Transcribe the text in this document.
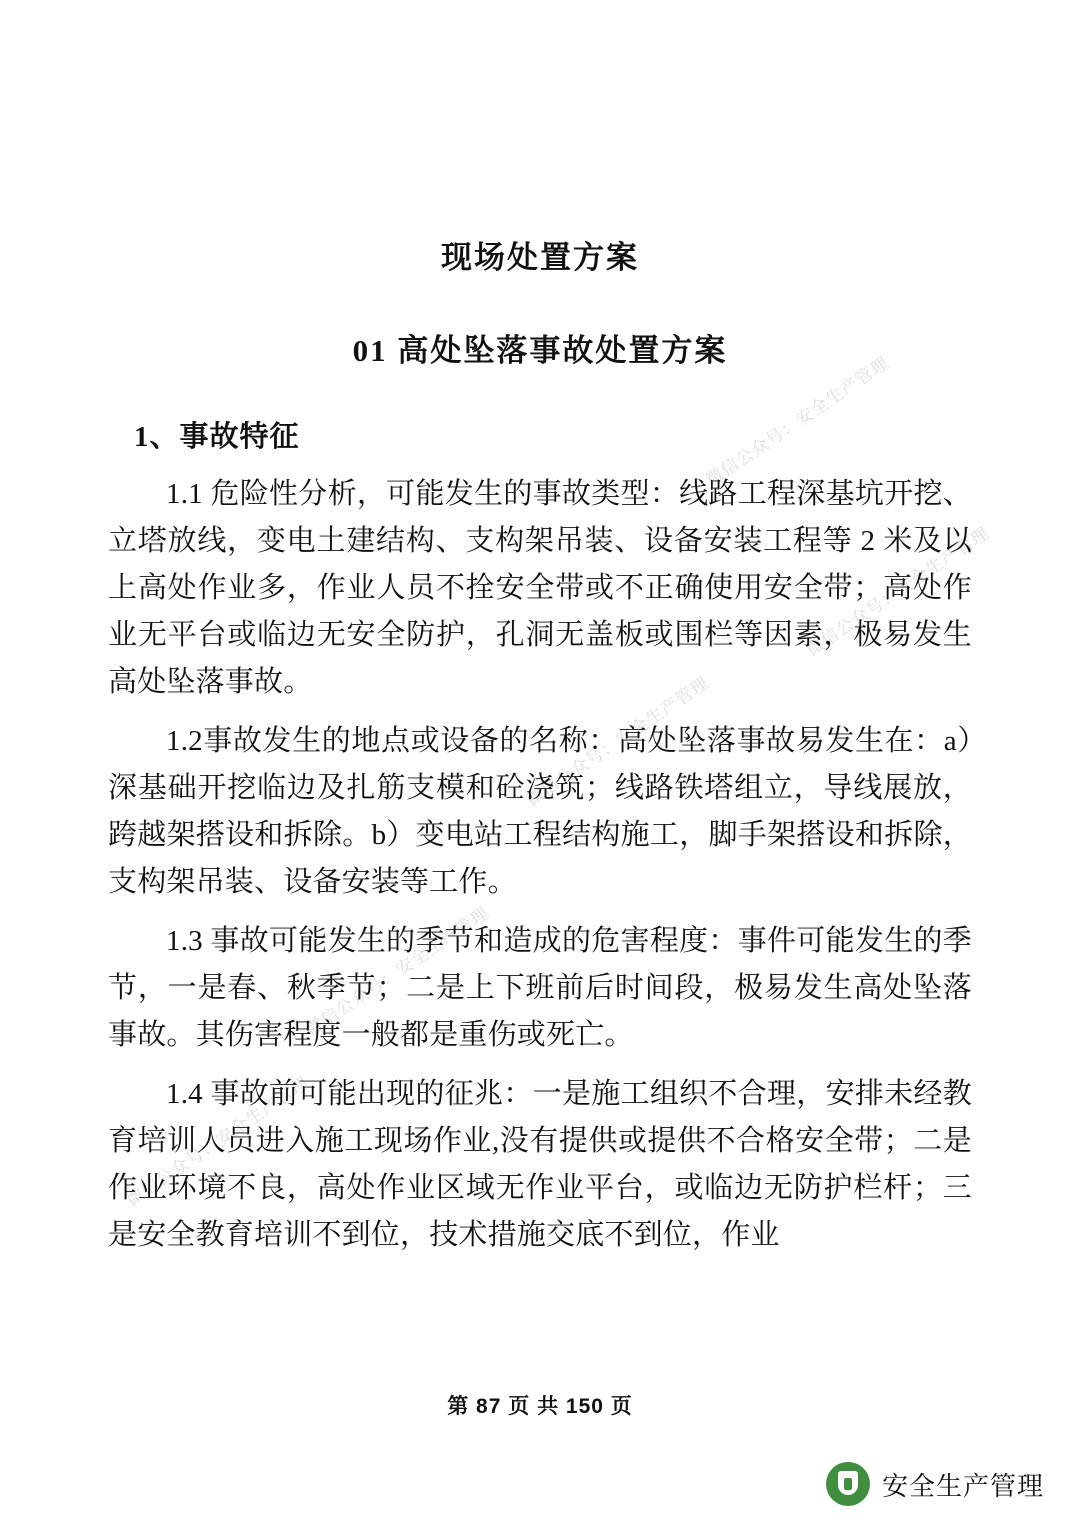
微信公众号：安全生产管理
微信公众号：安全生产管理
微信公众号：安全生产管理
微信公众号：安全生产管理
微信公众号：安全生产管理
现场处置方案
01 高处坠落事故处置方案
1、事故特征

1.1 危险性分析，可能发生的事故类型：线路工程深基坑开挖、立塔放线，变电土建结构、支构架吊装、设备安装工程等 2 米及以上高处作业多，作业人员不拴安全带或不正确使用安全带；高处作业无平台或临边无安全防护，孔洞无盖板或围栏等因素，极易发生高处坠落事故。

1.2事故发生的地点或设备的名称：高处坠落事故易发生在：a）深基础开挖临边及扎筋支模和砼浇筑；线路铁塔组立，导线展放，跨越架搭设和拆除。b）变电站工程结构施工，脚手架搭设和拆除，支构架吊装、设备安装等工作。

1.3 事故可能发生的季节和造成的危害程度：事件可能发生的季节，一是春、秋季节；二是上下班前后时间段，极易发生高处坠落事故。其伤害程度一般都是重伤或死亡。

1.4 事故前可能出现的征兆：一是施工组织不合理，安排未经教育培训人员进入施工现场作业,没有提供或提供不合格安全带；二是作业环境不良，高处作业区域无作业平台，或临边无防护栏杆；三是安全教育培训不到位，技术措施交底不到位，作业

第 87 页 共 150 页
安全生产管理
